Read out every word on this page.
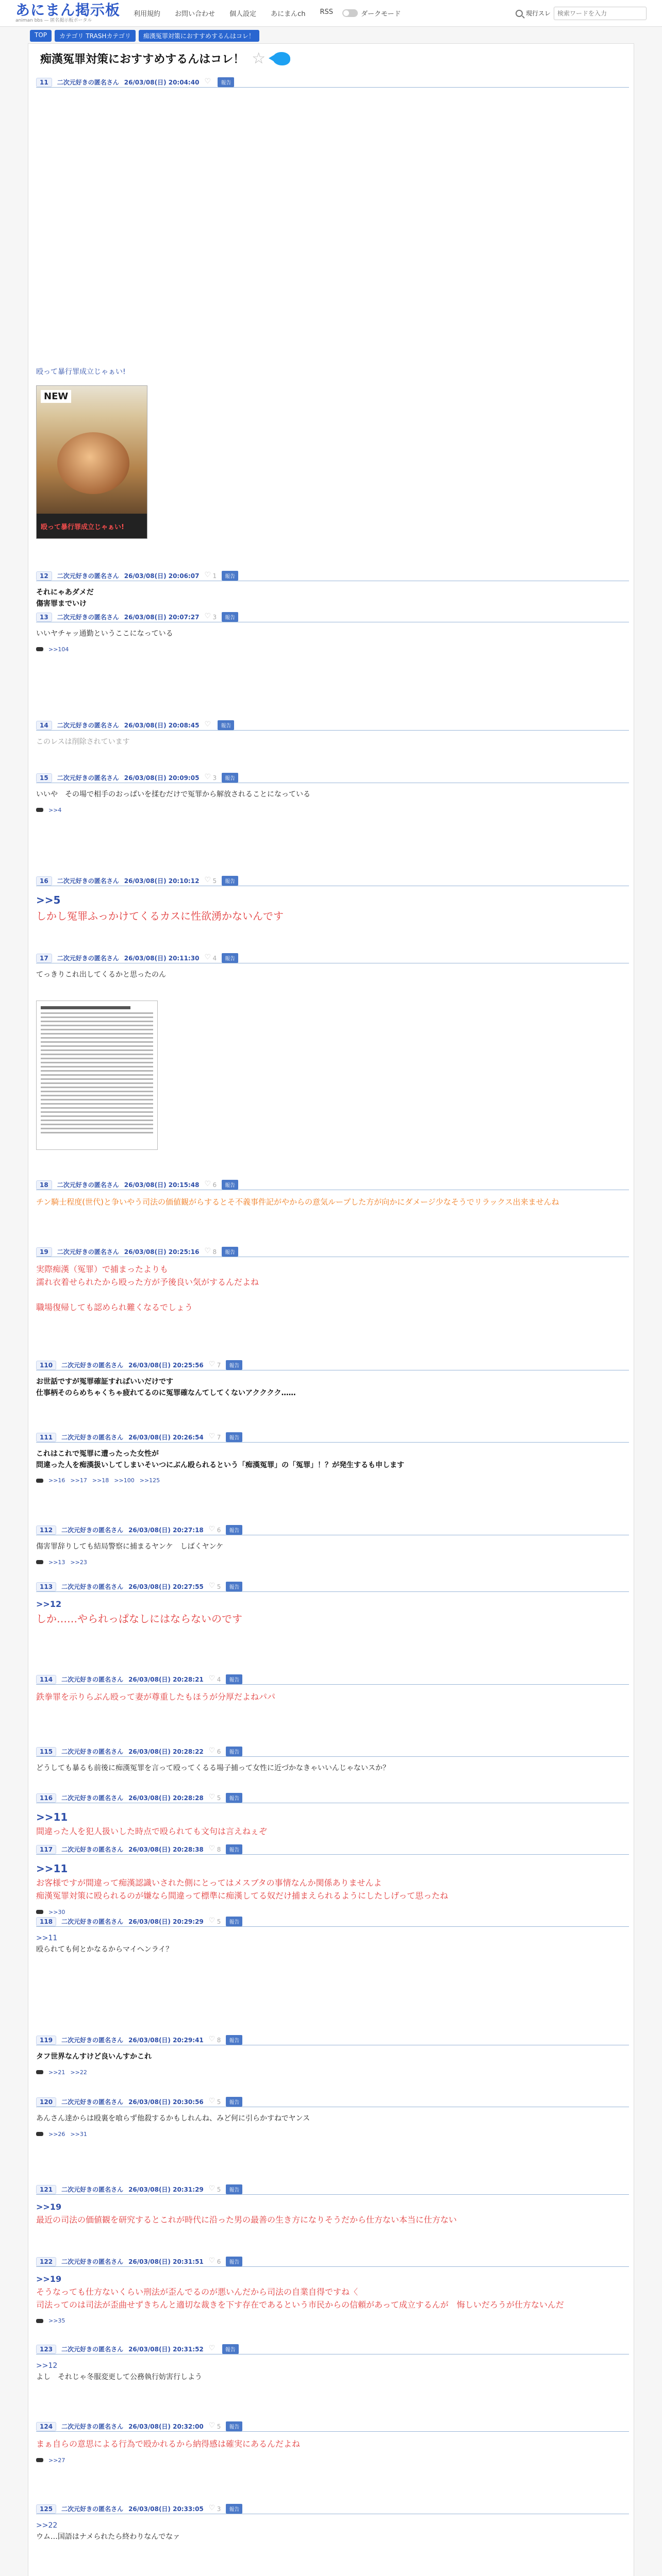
あにまん掲示板
animan bbs — 匿名掲示板ポータル
利用規約 お問い合わせ 個人設定 あにまんch RSS	ダークモード	現行スレ
検索ワードを入力
TOP	カテゴリ TRASHカテゴリ	痴漢冤罪対策におすすめするんはコレ！
痴漢冤罪対策におすすめするんはコレ！ ☆
NEW
殴って暴行罪成立じゃぁい!
11	二次元好きの匿名さん 26/03/08(日) 20:04:40 ♡	報告
殴って暴行罪成立じゃぁい!
12	二次元好きの匿名さん 26/03/08(日) 20:06:07 ♡ 1	報告
それにゃあダメだ
傷害罪までいけ
13	二次元好きの匿名さん 26/03/08(日) 20:07:27 ♡ 3	報告
いいヤチャッ通勤というここになっている
>>104
14	二次元好きの匿名さん 26/03/08(日) 20:08:45 ♡	報告
このレスは削除されています
15	二次元好きの匿名さん 26/03/08(日) 20:09:05 ♡ 3	報告
いいや　その場で相手のおっぱいを揉むだけで冤罪から解放されることになっている
>>4
16	二次元好きの匿名さん 26/03/08(日) 20:10:12 ♡ 5	報告
>>5
しかし冤罪ふっかけてくるカスに性欲湧かないんです
17	二次元好きの匿名さん 26/03/08(日) 20:11:30 ♡ 4	報告
てっきりこれ出してくるかと思ったのん
18	二次元好きの匿名さん 26/03/08(日) 20:15:48 ♡ 6	報告
チン騎士程度(世代)と争いやう司法の価値観がらするとそ不義事件記がやからの意気ループした方が向かにダメージ少なそうでリラックス出来ませんね
19	二次元好きの匿名さん 26/03/08(日) 20:25:16 ♡ 8	報告
実際痴漢（冤罪）で捕まったよりも
濡れ衣着せられたから殴った方が予後良い気がするんだよね
職場復帰しても認められ難くなるでしょう
110	二次元好きの匿名さん 26/03/08(日) 20:25:56 ♡ 7	報告
お世話ですが冤罪確証すればいいだけです
仕事柄そのらめちゃくちゃ疲れてるのに冤罪確なんてしてくないアクククク……
111	二次元好きの匿名さん 26/03/08(日) 20:26:54 ♡ 7	報告
これはこれで冤罪に遭ったった女性が
問違った人を痴漢扱いしてしまいそいつにぶん殴られるという「痴漢冤罪」の「冤罪」！？が発生するも申します
>>16 >>17 >>18 >>100 >>125
112	二次元好きの匿名さん 26/03/08(日) 20:27:18 ♡ 6	報告
傷害罪辞りしても結局警察に捕まるヤンケ　しばくヤンケ
>>13 >>23
113	二次元好きの匿名さん 26/03/08(日) 20:27:55 ♡ 5	報告
>>12
しか……やられっぱなしにはならないのです
114	二次元好きの匿名さん 26/03/08(日) 20:28:21 ♡ 4	報告
鉄拳罪を示りらぶん殴って妻が尊重したもほうが分厚だよねパパ
115	二次元好きの匿名さん 26/03/08(日) 20:28:22 ♡ 6	報告
どうしても暴るも前後に痴漢冤罪を言って殴ってくるる場子捕って女性に近づかなきゃいいんじゃないスか？
116	二次元好きの匿名さん 26/03/08(日) 20:28:28 ♡ 5	報告
>>11
間違った人を犯人扱いした時点で殴られても文句は言えねぇぞ
117	二次元好きの匿名さん 26/03/08(日) 20:28:38 ♡ 8	報告
>>11
お客様ですが間違って痴漢認識いされた側にとってはメスブタの事情なんか関係ありませんよ
痴漢冤罪対策に殴られるのが嫌なら間違って標準に痴漢してる奴だけ捕まえられるようにしたしげって思ったね
>>30
118	二次元好きの匿名さん 26/03/08(日) 20:29:29 ♡ 5	報告
>>11
殴られても何とかなるからマイヘンライ？
119	二次元好きの匿名さん 26/03/08(日) 20:29:41 ♡ 8	報告
タフ世界なんすけど良いんすかこれ
>>21 >>22
120	二次元好きの匿名さん 26/03/08(日) 20:30:56 ♡ 5	報告
あんさん達からは殴裏を喰らず他殺するかもしれんね、みど何に引らかすねでヤンス
>>26 >>31
121	二次元好きの匿名さん 26/03/08(日) 20:31:29 ♡ 5	報告
>>19
最近の司法の価値観を研究するとこれが時代に沿った男の最善の生き方になりそうだから仕方ない本当に仕方ない
122	二次元好きの匿名さん 26/03/08(日) 20:31:51 ♡ 6	報告
>>19
そうなっても仕方ないくらい刑法が歪んでるのが悪いんだから司法の自業自得ですね〈
司法ってのは司法が歪曲せずきちんと適切な裁きを下す存在であるという市民からの信頼があって成立するんが　悔しいだろうが仕方ないんだ
>>35
123	二次元好きの匿名さん 26/03/08(日) 20:31:52 ♡	報告
>>12
よし　それじゃ冬服変更して公務執行妨害行しよう
124	二次元好きの匿名さん 26/03/08(日) 20:32:00 ♡ 5	報告
まぁ自らの意思による行為で殴かれるから納得感は確実にあるんだよね
>>27
125	二次元好きの匿名さん 26/03/08(日) 20:33:05 ♡ 3	報告
>>22
ウム…国語はナメられたら終わりなんでなァ
